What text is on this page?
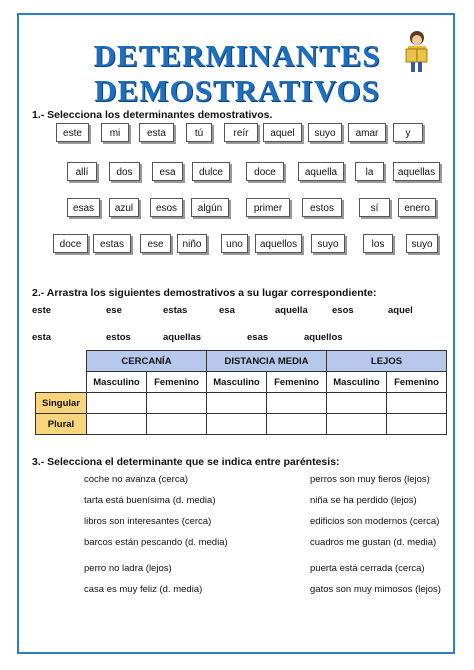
DETERMINANTES
DEMOSTRATIVOS
1.- Selecciona los determinantes demostrativos.
este	mi	esta	tú	reír	aquel	suyo	amar	y
allí	dos	esa	dulce	doce	aquella	la	aquellas
esas	azul	esos	algún	primer	estos	sí	enero
doce	estas	ese	niño	uno	aquellos	suyo	los	suyo
2.- Arrastra los siguientes demostrativos a su lugar correspondiente:
este	ese	estas	esa	aquella	esos	aquel
esta	estos	aquellas	esas	aquellos
	CERCANÍA		DISTANCIA MEDIA		LEJOS	
	Masculino	Femenino	Masculino	Femenino	Masculino	Femenino
Singular						
Plural						
3.- Selecciona el determinante que se indica entre paréntesis:
coche no avanza (cerca)
tarta está buenísima (d. media)
libros son interesantes (cerca)
barcos están pescando (d. media)
perro no ladra (lejos)
casa es muy feliz (d. media)
perros son muy fieros (lejos)
niña se ha perdido (lejos)
edificios son modernos (cerca)
cuadros me gustan (d. media)
puerta está cerrada (cerca)
gatos son muy mimosos (lejos)
